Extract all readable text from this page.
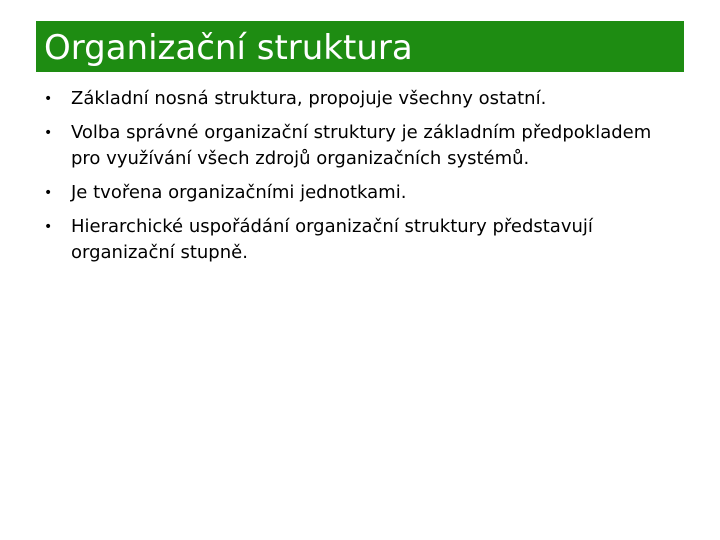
Organizační struktura
•	Základní nosná struktura, propojuje všechny ostatní.
•	Volba správné organizační struktury je základním předpokladem pro využívání všech zdrojů organizačních systémů.
•	Je tvořena organizačními jednotkami.
•	Hierarchické uspořádání organizační struktury představují organizační stupně.
